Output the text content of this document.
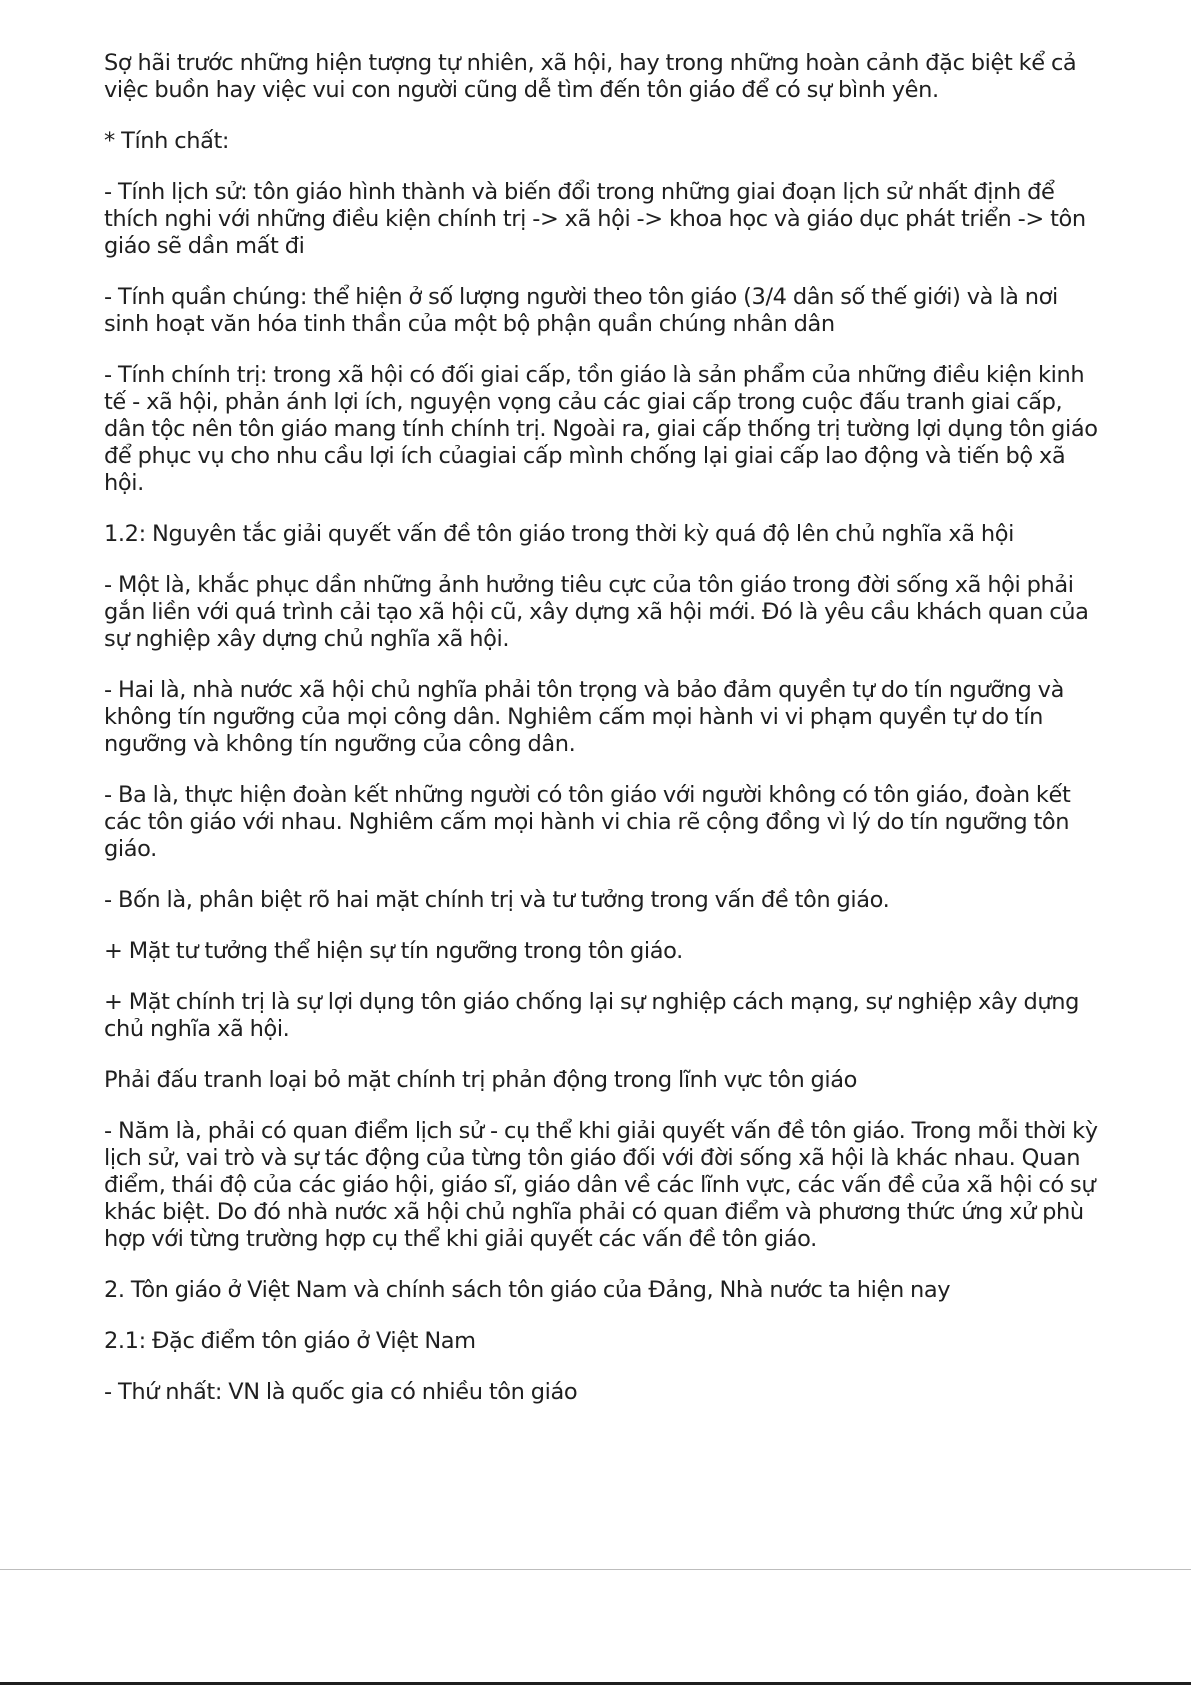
Sợ hãi trước những hiện tượng tự nhiên, xã hội, hay trong những hoàn cảnh đặc biệt kể cả việc buồn hay việc vui con người cũng dễ tìm đến tôn giáo để có sự bình yên.

* Tính chất:

- Tính lịch sử: tôn giáo hình thành và biến đổi trong những giai đoạn lịch sử nhất định để thích nghi với những điều kiện chính trị -> xã hội -> khoa học và giáo dục phát triển -> tôn giáo sẽ dần mất đi

- Tính quần chúng: thể hiện ở số lượng người theo tôn giáo (3/4 dân số thế giới) và là nơi sinh hoạt văn hóa tinh thần của một bộ phận quần chúng nhân dân

- Tính chính trị: trong xã hội có đối giai cấp, tồn giáo là sản phẩm của những điều kiện kinh tế - xã hội, phản ánh lợi ích, nguyện vọng cảu các giai cấp trong cuộc đấu tranh giai cấp, dân tộc nên tôn giáo mang tính chính trị. Ngoài ra, giai cấp thống trị tường lợi dụng tôn giáo để phục vụ cho nhu cầu lợi ích củagiai cấp mình chống lại giai cấp lao động và tiến bộ xã hội.

1.2: Nguyên tắc giải quyết vấn đề tôn giáo trong thời kỳ quá độ lên chủ nghĩa xã hội

- Một là, khắc phục dần những ảnh hưởng tiêu cực của tôn giáo trong đời sống xã hội phải gắn liền với quá trình cải tạo xã hội cũ, xây dựng xã hội mới. Đó là yêu cầu khách quan của sự nghiệp xây dựng chủ nghĩa xã hội.

- Hai là, nhà nước xã hội chủ nghĩa phải tôn trọng và bảo đảm quyền tự do tín ngưỡng và không tín ngưỡng của mọi công dân. Nghiêm cấm mọi hành vi vi phạm quyền tự do tín ngưỡng và không tín ngưỡng của công dân.

- Ba là, thực hiện đoàn kết những người có tôn giáo với người không có tôn giáo, đoàn kết các tôn giáo với nhau. Nghiêm cấm mọi hành vi chia rẽ cộng đồng vì lý do tín ngưỡng tôn giáo.

- Bốn là, phân biệt rõ hai mặt chính trị và tư tưởng trong vấn đề tôn giáo.

+ Mặt tư tưởng thể hiện sự tín ngưỡng trong tôn giáo.

+ Mặt chính trị là sự lợi dụng tôn giáo chống lại sự nghiệp cách mạng, sự nghiệp xây dựng chủ nghĩa xã hội.

Phải đấu tranh loại bỏ mặt chính trị phản động trong lĩnh vực tôn giáo

- Năm là, phải có quan điểm lịch sử - cụ thể khi giải quyết vấn đề tôn giáo. Trong mỗi thời kỳ lịch sử, vai trò và sự tác động của từng tôn giáo đối với đời sống xã hội là khác nhau. Quan điểm, thái độ của các giáo hội, giáo sĩ, giáo dân về các lĩnh vực, các vấn đề của xã hội có sự khác biệt. Do đó nhà nước xã hội chủ nghĩa phải có quan điểm và phương thức ứng xử phù hợp với từng trường hợp cụ thể khi giải quyết các vấn đề tôn giáo.

2. Tôn giáo ở Việt Nam và chính sách tôn giáo của Đảng, Nhà nước ta hiện nay

2.1: Đặc điểm tôn giáo ở Việt Nam

- Thứ nhất: VN là quốc gia có nhiều tôn giáo
